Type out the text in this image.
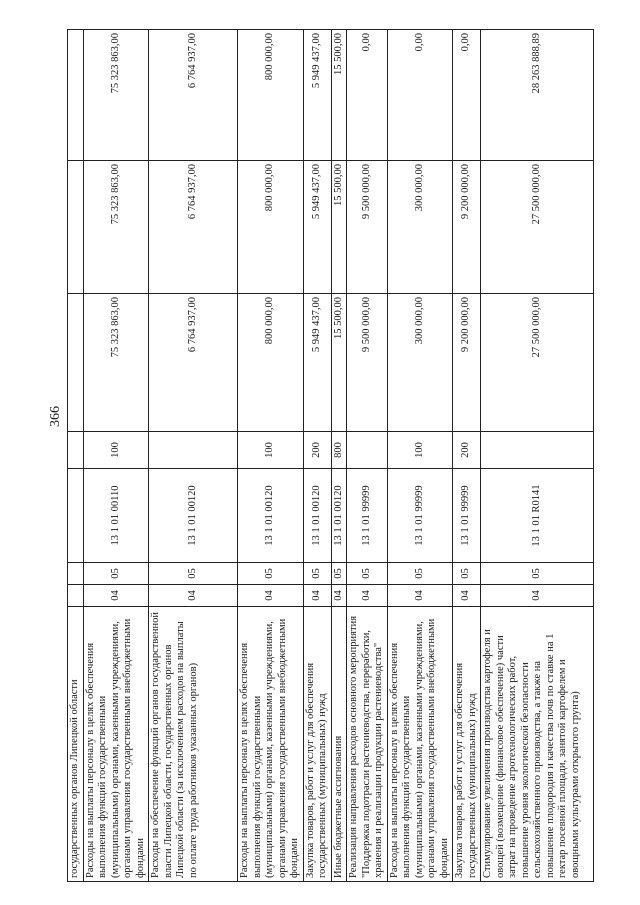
366
государственных органов Липецкой области							
Расходы на выплаты персоналу в целях обеспечения выполнения функций государственными (муниципальными) органами, казенными учреждениями, органами управления государственными внебюджетными фондами	04	05	13 1 01 00110	100	75 323 863,00	75 323 863,00	75 323 863,00
Расходы на обеспечение функций органов государственной власти Липецкой области, государственных органов Липецкой области (за исключением расходов на выплаты по оплате труда работников указанных органов)	04	05	13 1 01 00120		6 764 937,00	6 764 937,00	6 764 937,00
Расходы на выплаты персоналу в целях обеспечения выполнения функций государственными (муниципальными) органами, казенными учреждениями, органами управления государственными внебюджетными фондами	04	05	13 1 01 00120	100	800 000,00	800 000,00	800 000,00
Закупка товаров, работ и услуг для обеспечения государственных (муниципальных) нужд	04	05	13 1 01 00120	200	5 949 437,00	5 949 437,00	5 949 437,00
Иные бюджетные ассигнования	04	05	13 1 01 00120	800	15 500,00	15 500,00	15 500,00
Реализация направления расходов основного мероприятия "Поддержка подотрасли растениеводства, переработки, хранения и реализации продукции растениеводства"	04	05	13 1 01 99999		9 500 000,00	9 500 000,00	0,00
Расходы на выплаты персоналу в целях обеспечения выполнения функций государственными (муниципальными) органами, казенными учреждениями, органами управления государственными внебюджетными фондами	04	05	13 1 01 99999	100	300 000,00	300 000,00	0,00
Закупка товаров, работ и услуг для обеспечения государственных (муниципальных) нужд	04	05	13 1 01 99999	200	9 200 000,00	9 200 000,00	0,00
Стимулирование увеличения производства картофеля и овощей (возмещение (финансовое обеспечение) части затрат на проведение агротехнологических работ, повышение уровня экологической безопасности сельскохозяйственного производства, а также на повышение плодородия и качества почв по ставке на 1 гектар посевной площади, занятой картофелем и овощными культурами открытого грунта)	04	05	13 1 01 R0141		27 500 000,00	27 500 000,00	28 263 888,89
